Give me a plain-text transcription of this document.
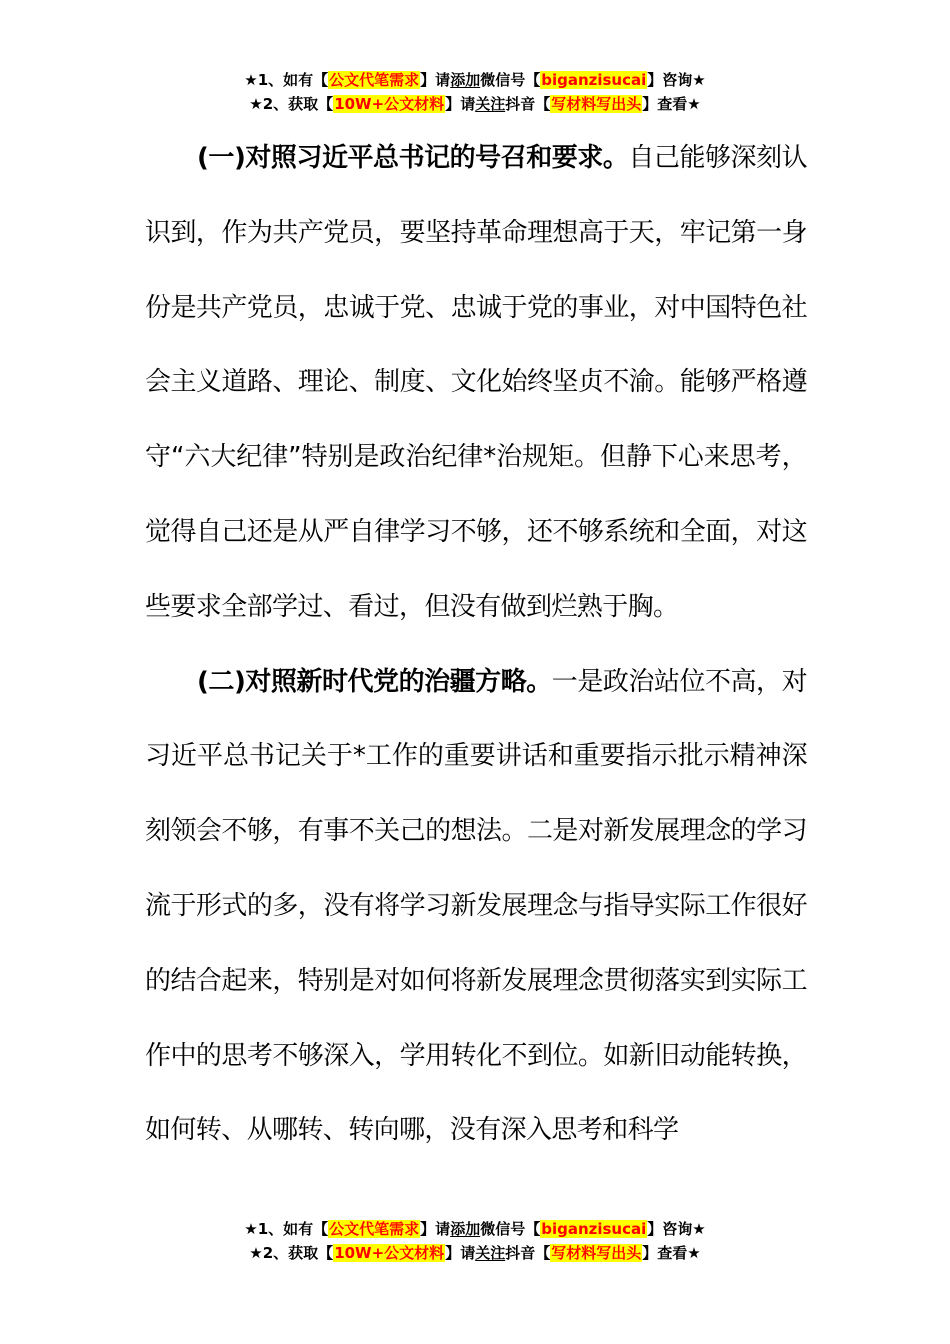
★1、如有【公文代笔需求】请添加微信号【biganzisucai】咨询★
★2、获取【10W+公文材料】请关注抖音【写材料写出头】查看★

(一)对照习近平总书记的号召和要求。自己能够深刻认识到，作为共产党员，要坚持革命理想高于天，牢记第一身份是共产党员，忠诚于党、忠诚于党的事业，对中国特色社会主义道路、理论、制度、文化始终坚贞不渝。能够严格遵守“六大纪律”特别是政治纪律*治规矩。但静下心来思考，觉得自己还是从严自律学习不够，还不够系统和全面，对这些要求全部学过、看过，但没有做到烂熟于胸。

(二)对照新时代党的治疆方略。一是政治站位不高，对习近平总书记关于*工作的重要讲话和重要指示批示精神深刻领会不够，有事不关己的想法。二是对新发展理念的学习流于形式的多，没有将学习新发展理念与指导实际工作很好的结合起来，特别是对如何将新发展理念贯彻落实到实际工作中的思考不够深入，学用转化不到位。如新旧动能转换，如何转、从哪转、转向哪，没有深入思考和科学

★1、如有【公文代笔需求】请添加微信号【biganzisucai】咨询★
★2、获取【10W+公文材料】请关注抖音【写材料写出头】查看★
